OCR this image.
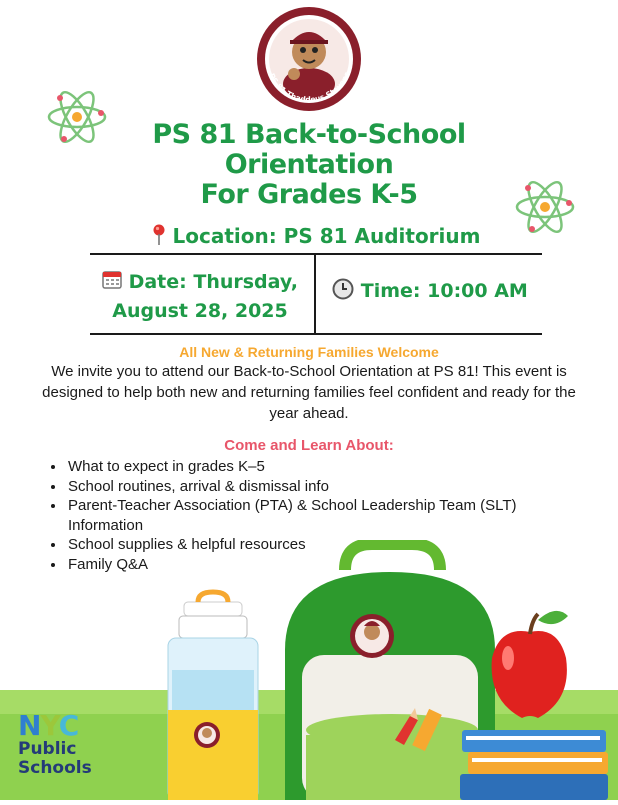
PS 81 Thaddeus Stevens
PS 81 Back-to-School
Orientation
For Grades K-5
Location: PS 81 Auditorium
Date: Thursday,
August 28, 2025
Time: 10:00 AM
All New & Returning Families Welcome
We invite you to attend our Back-to-School Orientation at PS 81! This event is designed to help both new and returning families feel confident and ready for the year ahead.
Come and Learn About:
• What to expect in grades K–5
• School routines, arrival & dismissal info
• Parent-Teacher Association (PTA) & School Leadership Team (SLT) Information
• School supplies & helpful resources
• Family Q&A
NYC
Public
Schools
